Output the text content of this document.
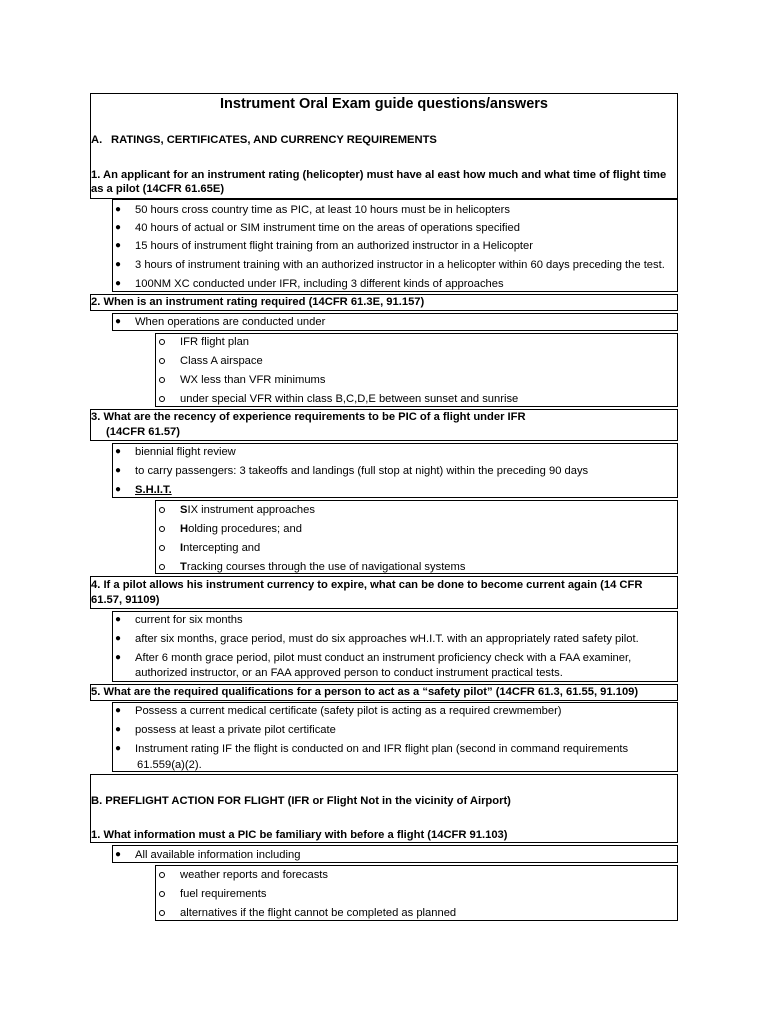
Instrument Oral Exam guide questions/answers
A. RATINGS, CERTIFICATES, AND CURRENCY REQUIREMENTS
1. An applicant for an instrument rating (helicopter) must have al east how much and what time of flight time
as a pilot (14CFR 61.65E)
● 50 hours cross country time as PIC, at least 10 hours must be in helicopters
● 40 hours of actual or SIM instrument time on the areas of operations specified
● 15 hours of instrument flight training from an authorized instructor in a Helicopter
● 3 hours of instrument training with an authorized instructor in a helicopter within 60 days preceding the test.
● 100NM XC conducted under IFR, including 3 different kinds of approaches
2. When is an instrument rating required (14CFR 61.3E, 91.157)
● When operations are conducted under
IFR flight plan
Class A airspace
WX less than VFR minimums
under special VFR within class B,C,D,E between sunset and sunrise
3. What are the recency of experience requirements to be PIC of a flight under IFR
(14CFR 61.57)
● biennial flight review
● to carry passengers: 3 takeoffs and landings (full stop at night) within the preceding 90 days
● S.H.I.T.
SIX instrument approaches
Holding procedures; and
Intercepting and
Tracking courses through the use of navigational systems
4. If a pilot allows his instrument currency to expire, what can be done to become current again (14 CFR
61.57, 91109)
● current for six months
● after six months, grace period, must do six approaches wH.I.T. with an appropriately rated safety pilot.
● After 6 month grace period, pilot must conduct an instrument proficiency check with a FAA examiner,
authorized instructor, or an FAA approved person to conduct instrument practical tests.
5. What are the required qualifications for a person to act as a “safety pilot” (14CFR 61.3, 61.55, 91.109)
● Possess a current medical certificate (safety pilot is acting as a required crewmember)
● possess at least a private pilot certificate
● Instrument rating IF the flight is conducted on and IFR flight plan (second in command requirements
61.559(a)(2).
B. PREFLIGHT ACTION FOR FLIGHT (IFR or Flight Not in the vicinity of Airport)
1. What information must a PIC be familiary with before a flight (14CFR 91.103)
● All available information including
weather reports and forecasts
fuel requirements
alternatives if the flight cannot be completed as planned
